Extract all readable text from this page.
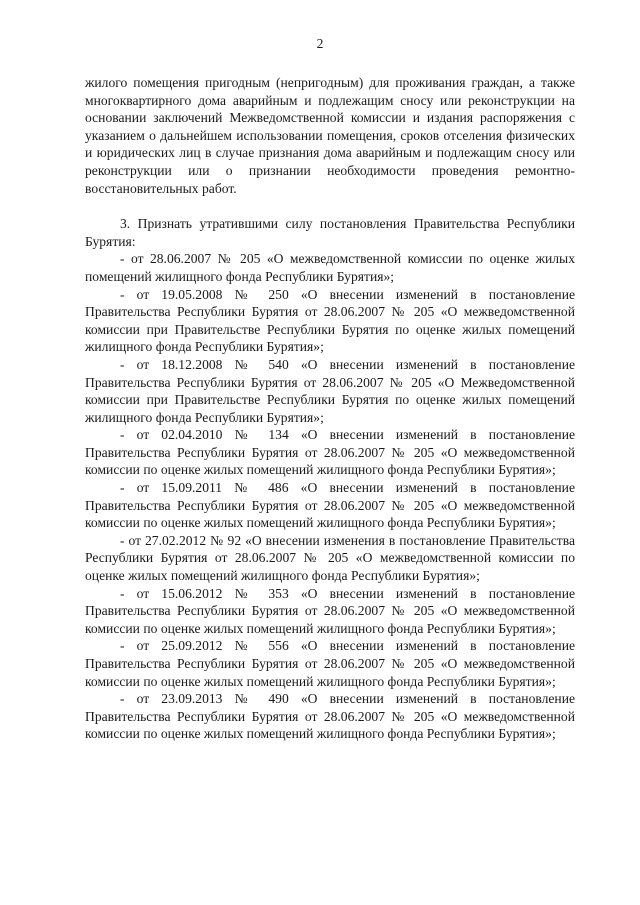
2

жилого помещения пригодным (непригодным) для проживания граждан, а также многоквартирного дома аварийным и подлежащим сносу или реконструкции на основании заключений Межведомственной комиссии и издания распоряжения с указанием о дальнейшем использовании помещения, сроков отселения физических и юридических лиц в случае признания дома аварийным и подлежащим сносу или реконструкции или о признании необходимости проведения ремонтно-восстановительных работ.

3. Признать утратившими силу постановления Правительства Республики Бурятия:

- от 28.06.2007 № 205 «О межведомственной комиссии по оценке жилых помещений жилищного фонда Республики Бурятия»;

- от 19.05.2008 № 250 «О внесении изменений в постановление Правительства Республики Бурятия от 28.06.2007 № 205 «О межведомственной комиссии при Правительстве Республики Бурятия по оценке жилых помещений жилищного фонда Республики Бурятия»;

- от 18.12.2008 № 540 «О внесении изменений в постановление Правительства Республики Бурятия от 28.06.2007 № 205 «О Межведомственной комиссии при Правительстве Республики Бурятия по оценке жилых помещений жилищного фонда Республики Бурятия»;

- от 02.04.2010 № 134 «О внесении изменений в постановление Правительства Республики Бурятия от 28.06.2007 № 205 «О межведомственной комиссии по оценке жилых помещений жилищного фонда Республики Бурятия»;

- от 15.09.2011 № 486 «О внесении изменений в постановление Правительства Республики Бурятия от 28.06.2007 № 205 «О межведомственной комиссии по оценке жилых помещений жилищного фонда Республики Бурятия»;

- от 27.02.2012 № 92 «О внесении изменения в постановление Правительства Республики Бурятия от 28.06.2007 № 205 «О межведомственной комиссии по оценке жилых помещений жилищного фонда Республики Бурятия»;

- от 15.06.2012 № 353 «О внесении изменений в постановление Правительства Республики Бурятия от 28.06.2007 № 205 «О межведомственной комиссии по оценке жилых помещений жилищного фонда Республики Бурятия»;

- от 25.09.2012 № 556 «О внесении изменений в постановление Правительства Республики Бурятия от 28.06.2007 № 205 «О межведомственной комиссии по оценке жилых помещений жилищного фонда Республики Бурятия»;

- от 23.09.2013 № 490 «О внесении изменений в постановление Правительства Республики Бурятия от 28.06.2007 № 205 «О межведомственной комиссии по оценке жилых помещений жилищного фонда Республики Бурятия»;
